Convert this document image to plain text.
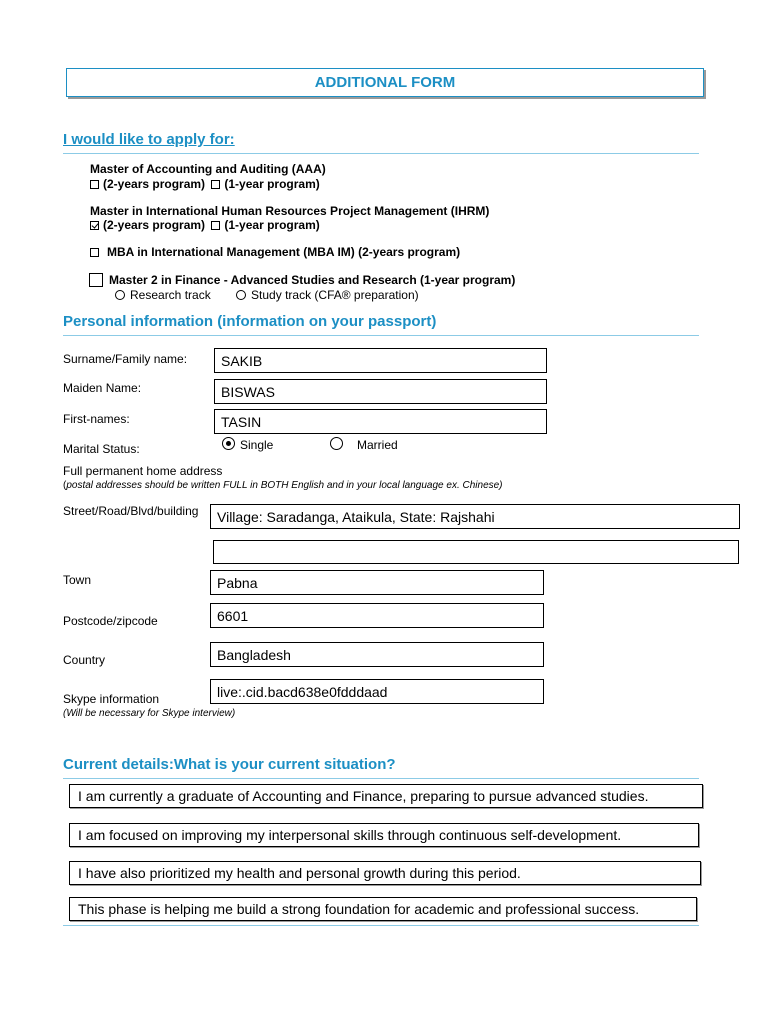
ADDITIONAL FORM
I would like to apply for:
Master of Accounting and Auditing (AAA)
(2-years program) (1-year program)
Master in International Human Resources Project Management (IHRM)
(2-years program) (1-year program)
MBA in International Management (MBA IM) (2-years program)
Master 2 in Finance - Advanced Studies and Research (1-year program)
Research track	Study track (CFA® preparation)
Personal information (information on your passport)
Surname/Family name:	SAKIB
Maiden Name:	BISWAS
First-names:	TASIN
Marital Status:	Single	Married
Full permanent home address
(postal addresses should be written FULL in BOTH English and in your local language ex. Chinese)
Street/Road/Blvd/building	Village: Saradanga, Ataikula, State: Rajshahi
Town	Pabna
Postcode/zipcode	6601
Country	Bangladesh
Skype information	live:.cid.bacd638e0fdddaad
(Will be necessary for Skype interview)
Current details:What is your current situation?
I am currently a graduate of Accounting and Finance, preparing to pursue advanced studies.
I am focused on improving my interpersonal skills through continuous self-development.
I have also prioritized my health and personal growth during this period.
This phase is helping me build a strong foundation for academic and professional success.
